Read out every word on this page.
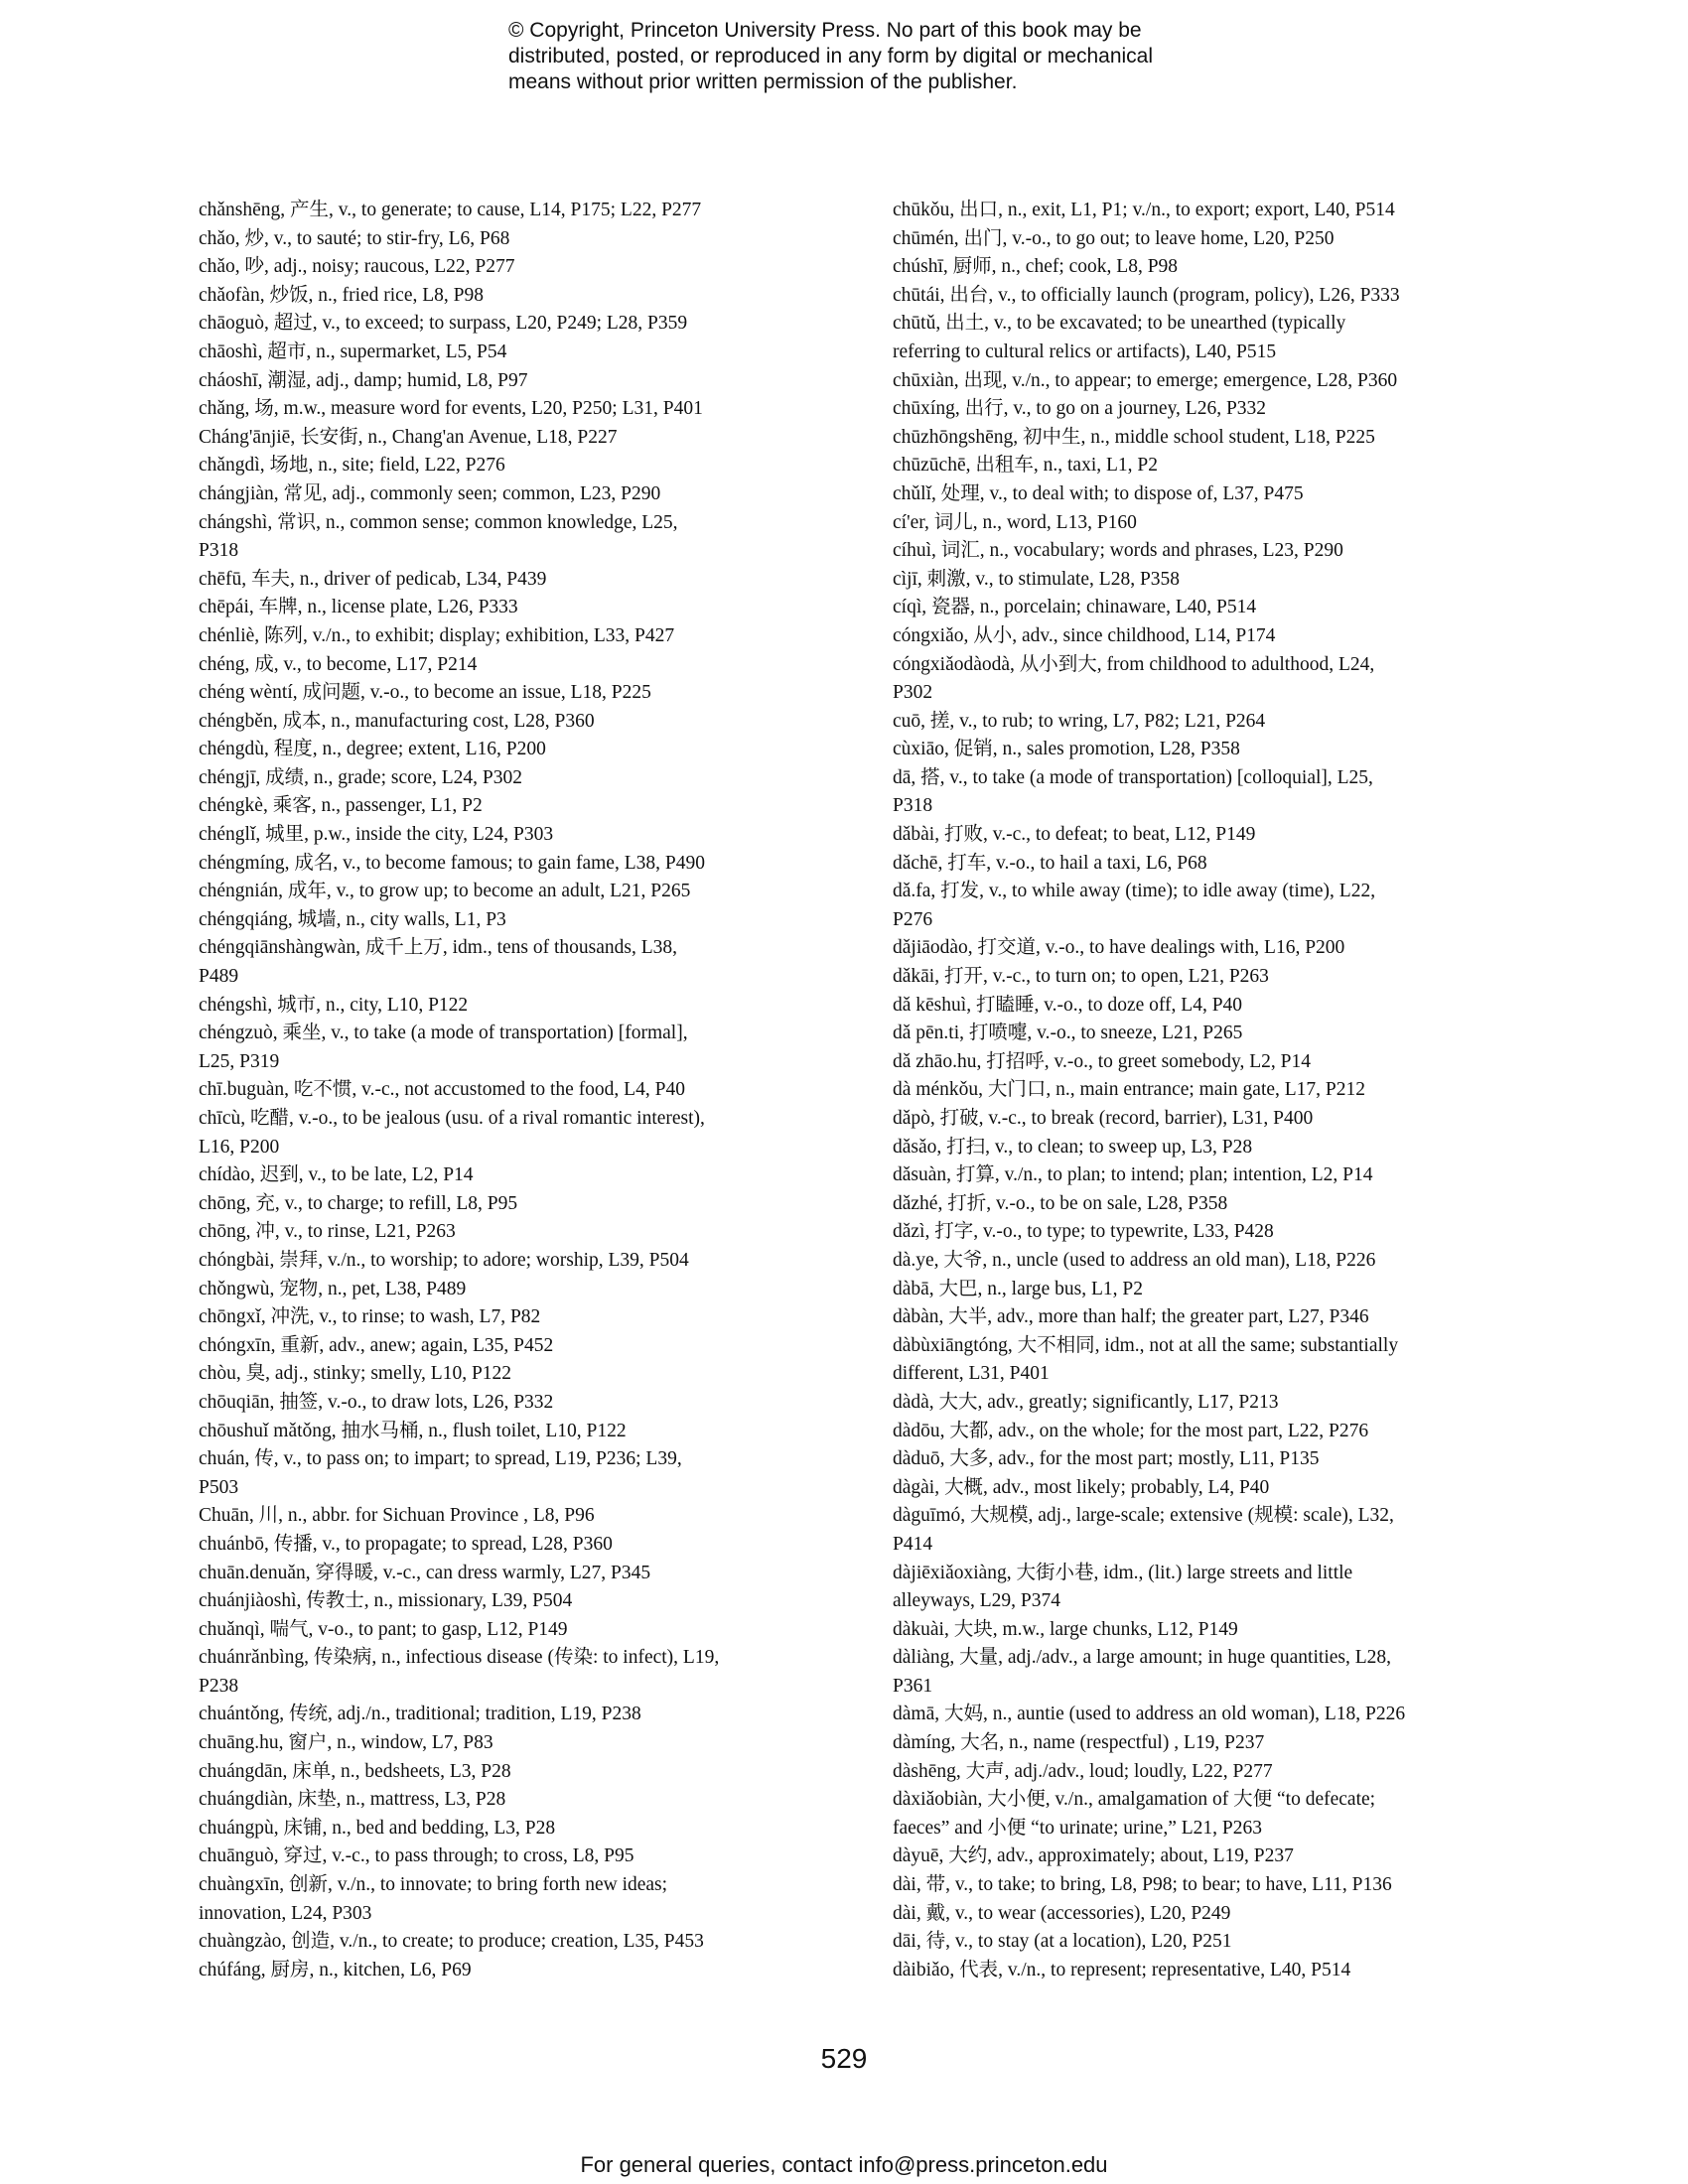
© Copyright, Princeton University Press. No part of this book may be
distributed, posted, or reproduced in any form by digital or mechanical
means without prior written permission of the publisher.
chǎnshēng, 产生, v., to generate; to cause, L14, P175; L22, P277
chǎo, 炒, v., to sauté; to stir-fry, L6, P68
chǎo, 吵, adj., noisy; raucous, L22, P277
chǎofàn, 炒饭, n., fried rice, L8, P98
chāoguò, 超过, v., to exceed; to surpass, L20, P249; L28, P359
chāoshì, 超市, n., supermarket, L5, P54
cháoshī, 潮湿, adj., damp; humid, L8, P97
chǎng, 场, m.w., measure word for events, L20, P250; L31, P401
Cháng'ānjiē, 长安街, n., Chang'an Avenue, L18, P227
chǎngdì, 场地, n., site; field, L22, P276
chángjiàn, 常见, adj., commonly seen; common, L23, P290
chángshì, 常识, n., common sense; common knowledge, L25,
P318
chēfū, 车夫, n., driver of pedicab, L34, P439
chēpái, 车牌, n., license plate, L26, P333
chénliè, 陈列, v./n., to exhibit; display; exhibition, L33, P427
chéng, 成, v., to become, L17, P214
chéng wèntí, 成问题, v.-o., to become an issue, L18, P225
chéngběn, 成本, n., manufacturing cost, L28, P360
chéngdù, 程度, n., degree; extent, L16, P200
chéngjī, 成绩, n., grade; score, L24, P302
chéngkè, 乘客, n., passenger, L1, P2
chénglǐ, 城里, p.w., inside the city, L24, P303
chéngmíng, 成名, v., to become famous; to gain fame, L38, P490
chéngnián, 成年, v., to grow up; to become an adult, L21, P265
chéngqiáng, 城墙, n., city walls, L1, P3
chéngqiānshàngwàn, 成千上万, idm., tens of thousands, L38,
P489
chéngshì, 城市, n., city, L10, P122
chéngzuò, 乘坐, v., to take (a mode of transportation) [formal],
L25, P319
chī.buguàn, 吃不惯, v.-c., not accustomed to the food, L4, P40
chīcù, 吃醋, v.-o., to be jealous (usu. of a rival romantic interest),
L16, P200
chídào, 迟到, v., to be late, L2, P14
chōng, 充, v., to charge; to refill, L8, P95
chōng, 冲, v., to rinse, L21, P263
chóngbài, 崇拜, v./n., to worship; to adore; worship, L39, P504
chǒngwù, 宠物, n., pet, L38, P489
chōngxǐ, 冲洗, v., to rinse; to wash, L7, P82
chóngxīn, 重新, adv., anew; again, L35, P452
chòu, 臭, adj., stinky; smelly, L10, P122
chōuqiān, 抽签, v.-o., to draw lots, L26, P332
chōushuǐ mǎtǒng, 抽水马桶, n., flush toilet, L10, P122
chuán, 传, v., to pass on; to impart; to spread, L19, P236; L39,
P503
Chuān, 川, n., abbr. for Sichuan Province , L8, P96
chuánbō, 传播, v., to propagate; to spread, L28, P360
chuān.denuǎn, 穿得暖, v.-c., can dress warmly, L27, P345
chuánjiàoshì, 传教士, n., missionary, L39, P504
chuǎnqì, 喘气, v-o., to pant; to gasp, L12, P149
chuánrǎnbìng, 传染病, n., infectious disease (传染: to infect), L19,
P238
chuántǒng, 传统, adj./n., traditional; tradition, L19, P238
chuāng.hu, 窗户, n., window, L7, P83
chuángdān, 床单, n., bedsheets, L3, P28
chuángdiàn, 床垫, n., mattress, L3, P28
chuángpù, 床铺, n., bed and bedding, L3, P28
chuānguò, 穿过, v.-c., to pass through; to cross, L8, P95
chuàngxīn, 创新, v./n., to innovate; to bring forth new ideas;
innovation, L24, P303
chuàngzào, 创造, v./n., to create; to produce; creation, L35, P453
chúfáng, 厨房, n., kitchen, L6, P69
chūkǒu, 出口, n., exit, L1, P1; v./n., to export; export, L40, P514
chūmén, 出门, v.-o., to go out; to leave home, L20, P250
chúshī, 厨师, n., chef; cook, L8, P98
chūtái, 出台, v., to officially launch (program, policy), L26, P333
chūtǔ, 出土, v., to be excavated; to be unearthed (typically
referring to cultural relics or artifacts), L40, P515
chūxiàn, 出现, v./n., to appear; to emerge; emergence, L28, P360
chūxíng, 出行, v., to go on a journey, L26, P332
chūzhōngshēng, 初中生, n., middle school student, L18, P225
chūzūchē, 出租车, n., taxi, L1, P2
chǔlǐ, 处理, v., to deal with; to dispose of, L37, P475
cí'er, 词儿, n., word, L13, P160
cíhuì, 词汇, n., vocabulary; words and phrases, L23, P290
cìjī, 刺激, v., to stimulate, L28, P358
cíqì, 瓷器, n., porcelain; chinaware, L40, P514
cóngxiǎo, 从小, adv., since childhood, L14, P174
cóngxiǎodàodà, 从小到大, from childhood to adulthood, L24,
P302
cuō, 搓, v., to rub; to wring, L7, P82; L21, P264
cùxiāo, 促销, n., sales promotion, L28, P358
dā, 搭, v., to take (a mode of transportation) [colloquial], L25,
P318
dǎbài, 打败, v.-c., to defeat; to beat, L12, P149
dǎchē, 打车, v.-o., to hail a taxi, L6, P68
dǎ.fa, 打发, v., to while away (time); to idle away (time), L22,
P276
dǎjiāodào, 打交道, v.-o., to have dealings with, L16, P200
dǎkāi, 打开, v.-c., to turn on; to open, L21, P263
dǎ kēshuì, 打瞌睡, v.-o., to doze off, L4, P40
dǎ pēn.ti, 打喷嚏, v.-o., to sneeze, L21, P265
dǎ zhāo.hu, 打招呼, v.-o., to greet somebody, L2, P14
dà ménkǒu, 大门口, n., main entrance; main gate, L17, P212
dǎpò, 打破, v.-c., to break (record, barrier), L31, P400
dǎsǎo, 打扫, v., to clean; to sweep up, L3, P28
dǎsuàn, 打算, v./n., to plan; to intend; plan; intention, L2, P14
dǎzhé, 打折, v.-o., to be on sale, L28, P358
dǎzì, 打字, v.-o., to type; to typewrite, L33, P428
dà.ye, 大爷, n., uncle (used to address an old man), L18, P226
dàbā, 大巴, n., large bus, L1, P2
dàbàn, 大半, adv., more than half; the greater part, L27, P346
dàbùxiāngtóng, 大不相同, idm., not at all the same; substantially
different, L31, P401
dàdà, 大大, adv., greatly; significantly, L17, P213
dàdōu, 大都, adv., on the whole; for the most part, L22, P276
dàduō, 大多, adv., for the most part; mostly, L11, P135
dàgài, 大概, adv., most likely; probably, L4, P40
dàguīmó, 大规模, adj., large-scale; extensive (规模: scale), L32,
P414
dàjiēxiǎoxiàng, 大街小巷, idm., (lit.) large streets and little
alleyways, L29, P374
dàkuài, 大块, m.w., large chunks, L12, P149
dàliàng, 大量, adj./adv., a large amount; in huge quantities, L28,
P361
dàmā, 大妈, n., auntie (used to address an old woman), L18, P226
dàmíng, 大名, n., name (respectful) , L19, P237
dàshēng, 大声, adj./adv., loud; loudly, L22, P277
dàxiǎobiàn, 大小便, v./n., amalgamation of 大便 “to defecate;
faeces” and 小便 “to urinate; urine,” L21, P263
dàyuē, 大约, adv., approximately; about, L19, P237
dài, 带, v., to take; to bring, L8, P98; to bear; to have, L11, P136
dài, 戴, v., to wear (accessories), L20, P249
dāi, 待, v., to stay (at a location), L20, P251
dàibiǎo, 代表, v./n., to represent; representative, L40, P514
529
For general queries, contact info@press.princeton.edu
